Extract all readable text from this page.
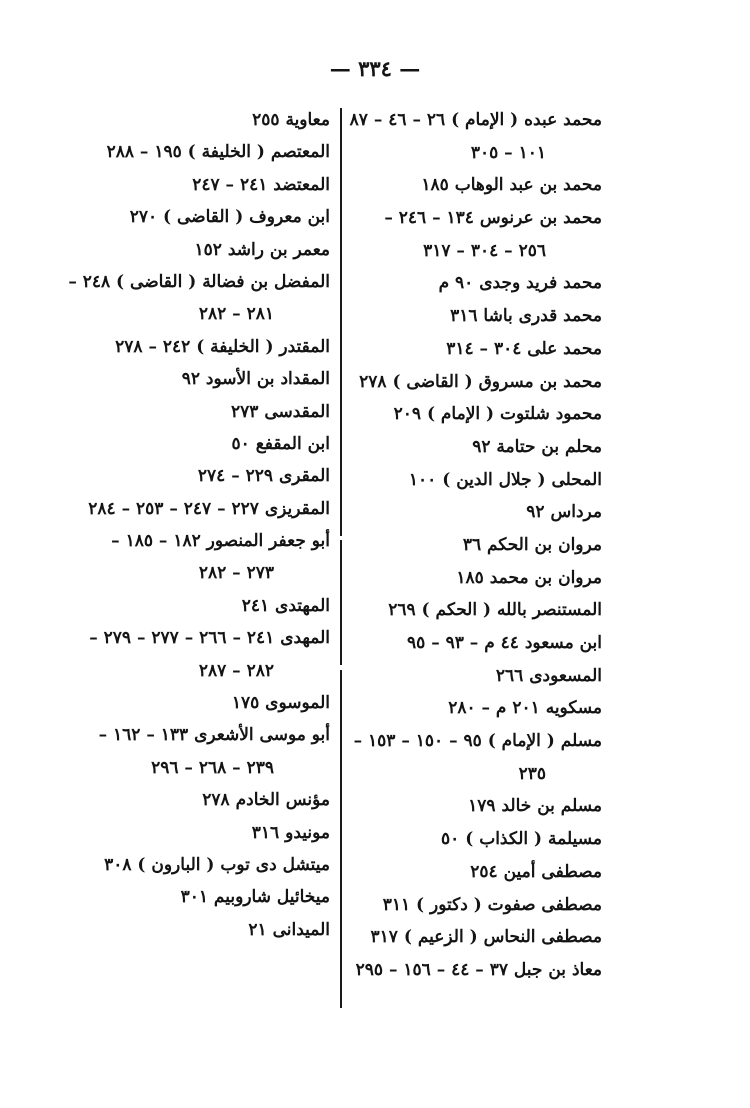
— ٣٣٤ —
محمد عبده ( الإمام ) ٢٦ – ٤٦ – ٨٧
١٠١ – ٣٠٥
محمد بن عبد الوهاب ١٨٥
محمد بن عرنوس ١٣٤ – ٢٤٦ –
٢٥٦ – ٣٠٤ – ٣١٧
محمد فريد وجدى ٩٠ م
محمد قدرى باشا ٣١٦
محمد على ٣٠٤ – ٣١٤
محمد بن مسروق ( القاضى ) ٢٧٨
محمود شلتوت ( الإمام ) ٢٠٩
محلم بن حتامة ٩٢
المحلى ( جلال الدين ) ١٠٠
مرداس ٩٢
مروان بن الحكم ٣٦
مروان بن محمد ١٨٥
المستنصر بالله ( الحكم ) ٢٦٩
ابن مسعود ٤٤ م – ٩٣ – ٩٥
المسعودى ٢٦٦
مسكويه ٢٠١ م – ٢٨٠
مسلم ( الإمام ) ٩٥ – ١٥٠ – ١٥٣ –
٢٣٥
مسلم بن خالد ١٧٩
مسيلمة ( الكذاب ) ٥٠
مصطفى أمين ٢٥٤
مصطفى صفوت ( دكتور ) ٣١١
مصطفى النحاس ( الزعيم ) ٣١٧
معاذ بن جبل ٣٧ – ٤٤ – ١٥٦ – ٢٩٥
معاوية ٢٥٥
المعتصم ( الخليفة ) ١٩٥ – ٢٨٨
المعتضد ٢٤١ – ٢٤٧
ابن معروف ( القاضى ) ٢٧٠
معمر بن راشد ١٥٢
المفضل بن فضالة ( القاضى ) ٢٤٨ –
٢٨١ – ٢٨٢
المقتدر ( الخليفة ) ٢٤٢ – ٢٧٨
المقداد بن الأسود ٩٢
المقدسى ٢٧٣
ابن المقفع ٥٠
المقرى ٢٢٩ – ٢٧٤
المقريزى ٢٢٧ – ٢٤٧ – ٢٥٣ – ٢٨٤
أبو جعفر المنصور ١٨٢ – ١٨٥ –
٢٧٣ – ٢٨٢
المهتدى ٢٤١
المهدى ٢٤١ – ٢٦٦ – ٢٧٧ – ٢٧٩ –
٢٨٢ – ٢٨٧
الموسوى ١٧٥
أبو موسى الأشعرى ١٣٣ – ١٦٢ –
٢٣٩ – ٢٦٨ – ٢٩٦
مؤنس الخادم ٢٧٨
مونيدو ٣١٦
ميتشل دى توب ( البارون ) ٣٠٨
ميخائيل شاروبيم ٣٠١
الميدانى ٢١
